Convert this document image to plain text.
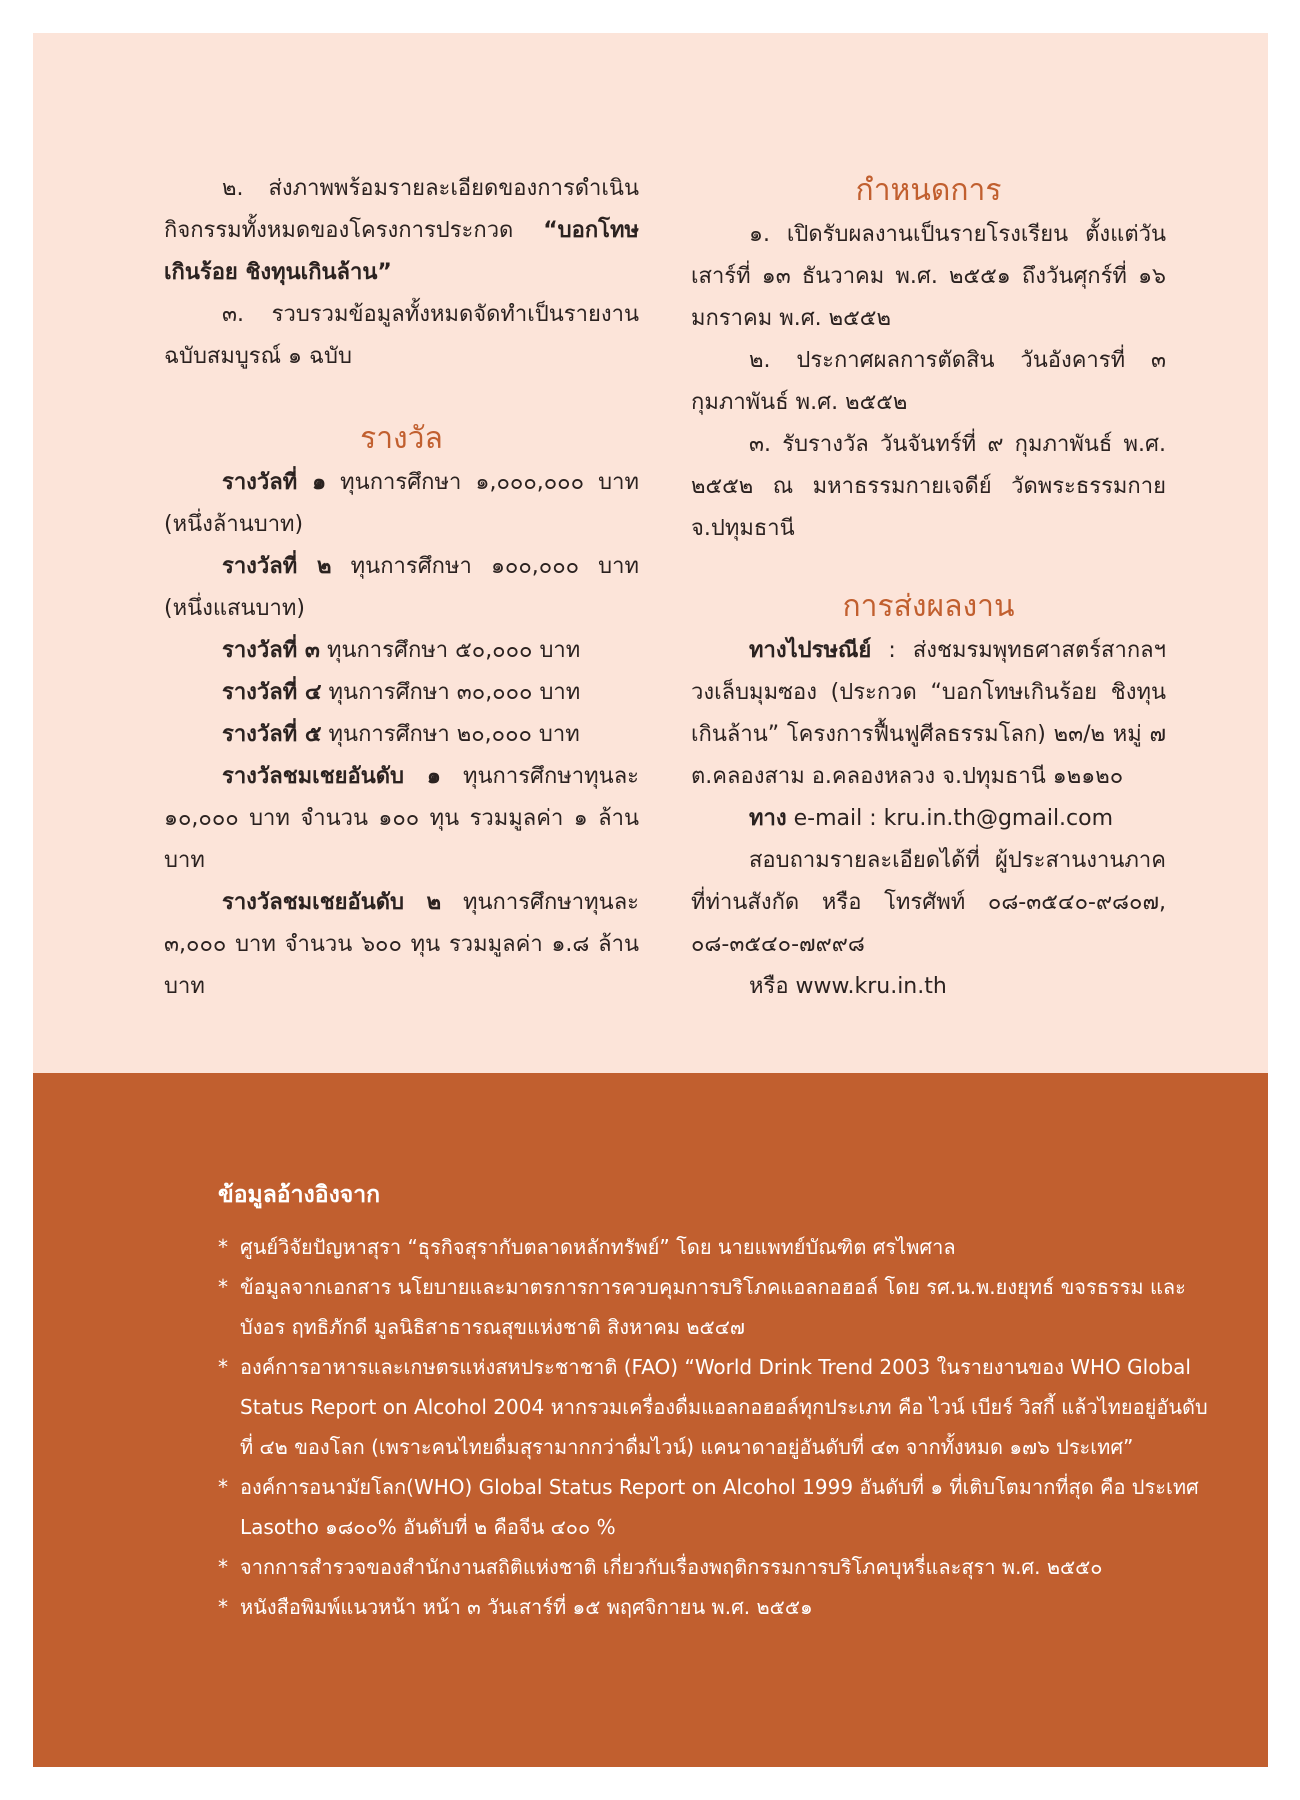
๒. ส่งภาพพร้อมรายละเอียดของการดำเนินกิจกรรมทั้งหมดของโครงการประกวด “บอกโทษเกินร้อย ชิงทุนเกินล้าน”

๓. รวบรวมข้อมูลทั้งหมดจัดทำเป็นรายงานฉบับสมบูรณ์ ๑ ฉบับ

รางวัล

รางวัลที่ ๑ ทุนการศึกษา ๑,๐๐๐,๐๐๐ บาท (หนึ่งล้านบาท)

รางวัลที่ ๒ ทุนการศึกษา ๑๐๐,๐๐๐ บาท (หนึ่งแสนบาท)

รางวัลที่ ๓ ทุนการศึกษา ๕๐,๐๐๐ บาท

รางวัลที่ ๔ ทุนการศึกษา ๓๐,๐๐๐ บาท

รางวัลที่ ๕ ทุนการศึกษา ๒๐,๐๐๐ บาท

รางวัลชมเชยอันดับ ๑ ทุนการศึกษาทุนละ ๑๐,๐๐๐ บาท จำนวน ๑๐๐ ทุน รวมมูลค่า ๑ ล้านบาท

รางวัลชมเชยอันดับ ๒ ทุนการศึกษาทุนละ ๓,๐๐๐ บาท จำนวน ๖๐๐ ทุน รวมมูลค่า ๑.๘ ล้านบาท

กำหนดการ

๑. เปิดรับผลงานเป็นรายโรงเรียน ตั้งแต่วันเสาร์ที่ ๑๓ ธันวาคม พ.ศ. ๒๕๕๑ ถึงวันศุกร์ที่ ๑๖ มกราคม พ.ศ. ๒๕๕๒

๒. ประกาศผลการตัดสิน วันอังคารที่ ๓ กุมภาพันธ์ พ.ศ. ๒๕๕๒

๓. รับรางวัล วันจันทร์ที่ ๙ กุมภาพันธ์ พ.ศ. ๒๕๕๒ ณ มหาธรรมกายเจดีย์ วัดพระธรรมกาย จ.ปทุมธานี

การส่งผลงาน

ทางไปรษณีย์ : ส่งชมรมพุทธศาสตร์สากลฯ วงเล็บมุมซอง (ประกวด “บอกโทษเกินร้อย ชิงทุนเกินล้าน” โครงการฟื้นฟูศีลธรรมโลก) ๒๓/๒ หมู่ ๗ ต.คลองสาม อ.คลองหลวง จ.ปทุมธานี ๑๒๑๒๐

ทาง e-mail : kru.in.th@gmail.com

สอบถามรายละเอียดได้ที่ ผู้ประสานงานภาค ที่ท่านสังกัด หรือ โทรศัพท์ ๐๘-๓๕๔๐-๙๘๐๗, ๐๘-๓๕๔๐-๗๙๙๘

หรือ www.kru.in.th

ข้อมูลอ้างอิงจาก

* ศูนย์วิจัยปัญหาสุรา “ธุรกิจสุรากับตลาดหลักทรัพย์” โดย นายแพทย์บัณฑิต ศรไพศาล

* ข้อมูลจากเอกสาร นโยบายและมาตรการการควบคุมการบริโภคแอลกอฮอล์ โดย รศ.น.พ.ยงยุทธ์ ขจรธรรม และบังอร ฤทธิภักดี มูลนิธิสาธารณสุขแห่งชาติ สิงหาคม ๒๕๔๗

* องค์การอาหารและเกษตรแห่งสหประชาชาติ (FAO) “World Drink Trend 2003 ในรายงานของ WHO Global Status Report on Alcohol 2004 หากรวมเครื่องดื่มแอลกอฮอล์ทุกประเภท คือ ไวน์ เบียร์ วิสกี้ แล้วไทยอยู่อันดับที่ ๔๒ ของโลก (เพราะคนไทยดื่มสุรามากกว่าดื่มไวน์) แคนาดาอยู่อันดับที่ ๔๓ จากทั้งหมด ๑๗๖ ประเทศ”

* องค์การอนามัยโลก(WHO) Global Status Report on Alcohol 1999 อันดับที่ ๑ ที่เติบโตมากที่สุด คือ ประเทศ Lasotho ๑๘๐๐% อันดับที่ ๒ คือจีน ๔๐๐ %

* จากการสำรวจของสำนักงานสถิติแห่งชาติ เกี่ยวกับเรื่องพฤติกรรมการบริโภคบุหรี่และสุรา พ.ศ. ๒๕๕๐

* หนังสือพิมพ์แนวหน้า หน้า ๓ วันเสาร์ที่ ๑๕ พฤศจิกายน พ.ศ. ๒๕๕๑
